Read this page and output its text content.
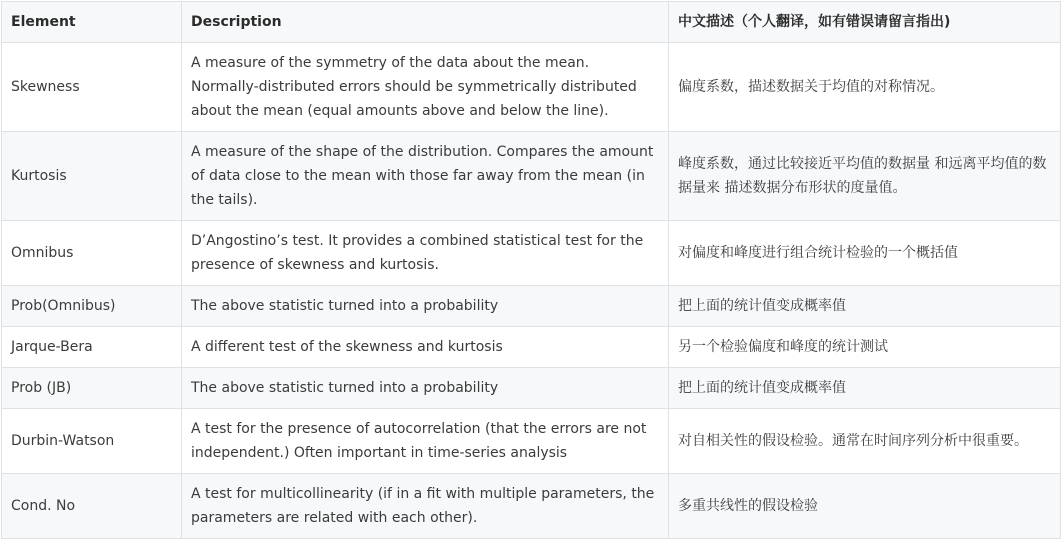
Element	Description	中文描述（个人翻译，如有错误请留言指出)
Skewness	A measure of the symmetry of the data about the mean. Normally-distributed errors should be symmetrically distributed about the mean (equal amounts above and below the line).	偏度系数，描述数据关于均值的对称情况。
Kurtosis	A measure of the shape of the distribution. Compares the amount of data close to the mean with those far away from the mean (in the tails).	峰度系数，通过比较接近平均值的数据量 和远离平均值的数据量来 描述数据分布形状的度量值。
Omnibus	D’Angostino’s test. It provides a combined statistical test for the presence of skewness and kurtosis.	对偏度和峰度进行组合统计检验的一个概括值
Prob(Omnibus)	The above statistic turned into a probability	把上面的统计值变成概率值
Jarque-Bera	A different test of the skewness and kurtosis	另一个检验偏度和峰度的统计测试
Prob (JB)	The above statistic turned into a probability	把上面的统计值变成概率值
Durbin-Watson	A test for the presence of autocorrelation (that the errors are not independent.) Often important in time-series analysis	对自相关性的假设检验。通常在时间序列分析中很重要。
Cond. No	A test for multicollinearity (if in a fit with multiple parameters, the parameters are related with each other).	多重共线性的假设检验
